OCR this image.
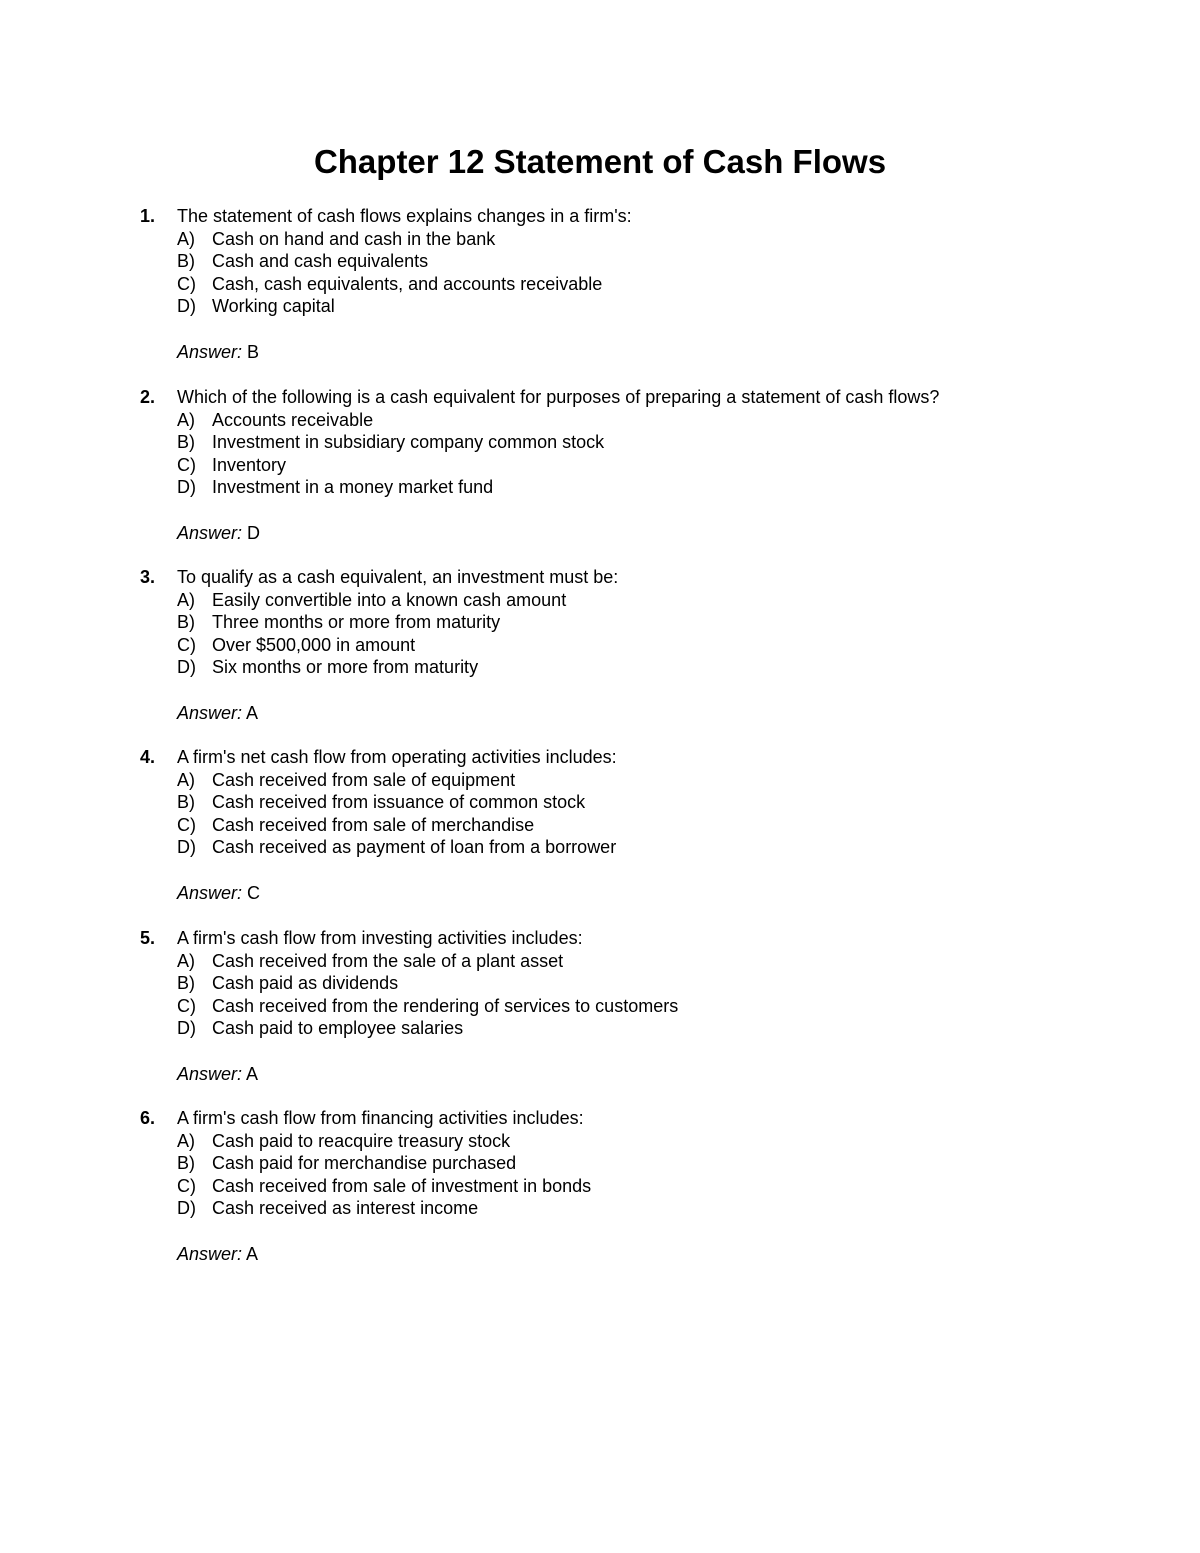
Chapter 12 Statement of Cash Flows
1. The statement of cash flows explains changes in a firm's:
A) Cash on hand and cash in the bank
B) Cash and cash equivalents
C) Cash, cash equivalents, and accounts receivable
D) Working capital
Answer: B
2. Which of the following is a cash equivalent for purposes of preparing a statement of cash flows?
A) Accounts receivable
B) Investment in subsidiary company common stock
C) Inventory
D) Investment in a money market fund
Answer: D
3. To qualify as a cash equivalent, an investment must be:
A) Easily convertible into a known cash amount
B) Three months or more from maturity
C) Over $500,000 in amount
D) Six months or more from maturity
Answer: A
4. A firm's net cash flow from operating activities includes:
A) Cash received from sale of equipment
B) Cash received from issuance of common stock
C) Cash received from sale of merchandise
D) Cash received as payment of loan from a borrower
Answer: C
5. A firm's cash flow from investing activities includes:
A) Cash received from the sale of a plant asset
B) Cash paid as dividends
C) Cash received from the rendering of services to customers
D) Cash paid to employee salaries
Answer: A
6. A firm's cash flow from financing activities includes:
A) Cash paid to reacquire treasury stock
B) Cash paid for merchandise purchased
C) Cash received from sale of investment in bonds
D) Cash received as interest income
Answer: A
